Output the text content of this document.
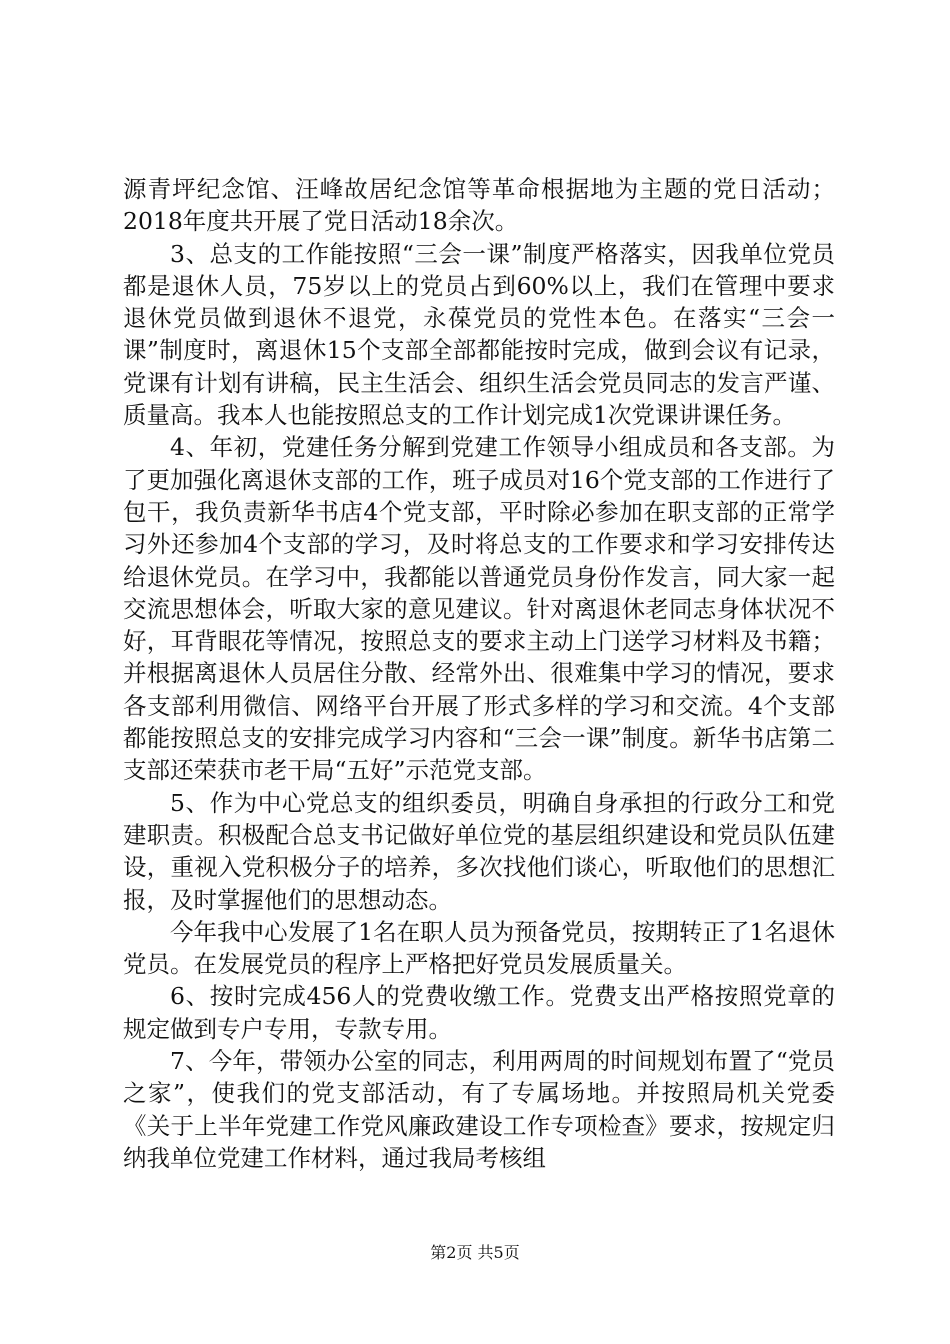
源青坪纪念馆、汪峰故居纪念馆等革命根据地为主题的党日活动；2018年度共开展了党日活动18余次。

3、总支的工作能按照“三会一课”制度严格落实，因我单位党员都是退休人员，75岁以上的党员占到60%以上，我们在管理中要求退休党员做到退休不退党，永葆党员的党性本色。在落实“三会一课”制度时，离退休15个支部全部都能按时完成，做到会议有记录，党课有计划有讲稿，民主生活会、组织生活会党员同志的发言严谨、质量高。我本人也能按照总支的工作计划完成1次党课讲课任务。

4、年初，党建任务分解到党建工作领导小组成员和各支部。为了更加强化离退休支部的工作，班子成员对16个党支部的工作进行了包干，我负责新华书店4个党支部，平时除必参加在职支部的正常学习外还参加4个支部的学习，及时将总支的工作要求和学习安排传达给退休党员。在学习中，我都能以普通党员身份作发言，同大家一起交流思想体会，听取大家的意见建议。针对离退休老同志身体状况不好，耳背眼花等情况，按照总支的要求主动上门送学习材料及书籍；并根据离退休人员居住分散、经常外出、很难集中学习的情况，要求各支部利用微信、网络平台开展了形式多样的学习和交流。4个支部都能按照总支的安排完成学习内容和“三会一课”制度。新华书店第二支部还荣获市老干局“五好”示范党支部。

5、作为中心党总支的组织委员，明确自身承担的行政分工和党建职责。积极配合总支书记做好单位党的基层组织建设和党员队伍建设，重视入党积极分子的培养，多次找他们谈心，听取他们的思想汇报，及时掌握他们的思想动态。

今年我中心发展了1名在职人员为预备党员，按期转正了1名退休党员。在发展党员的程序上严格把好党员发展质量关。

6、按时完成456人的党费收缴工作。党费支出严格按照党章的规定做到专户专用，专款专用。

7、今年，带领办公室的同志，利用两周的时间规划布置了“党员之家”，使我们的党支部活动，有了专属场地。并按照局机关党委《关于上半年党建工作党风廉政建设工作专项检查》要求，按规定归纳我单位党建工作材料，通过我局考核组

第2页 共5页
